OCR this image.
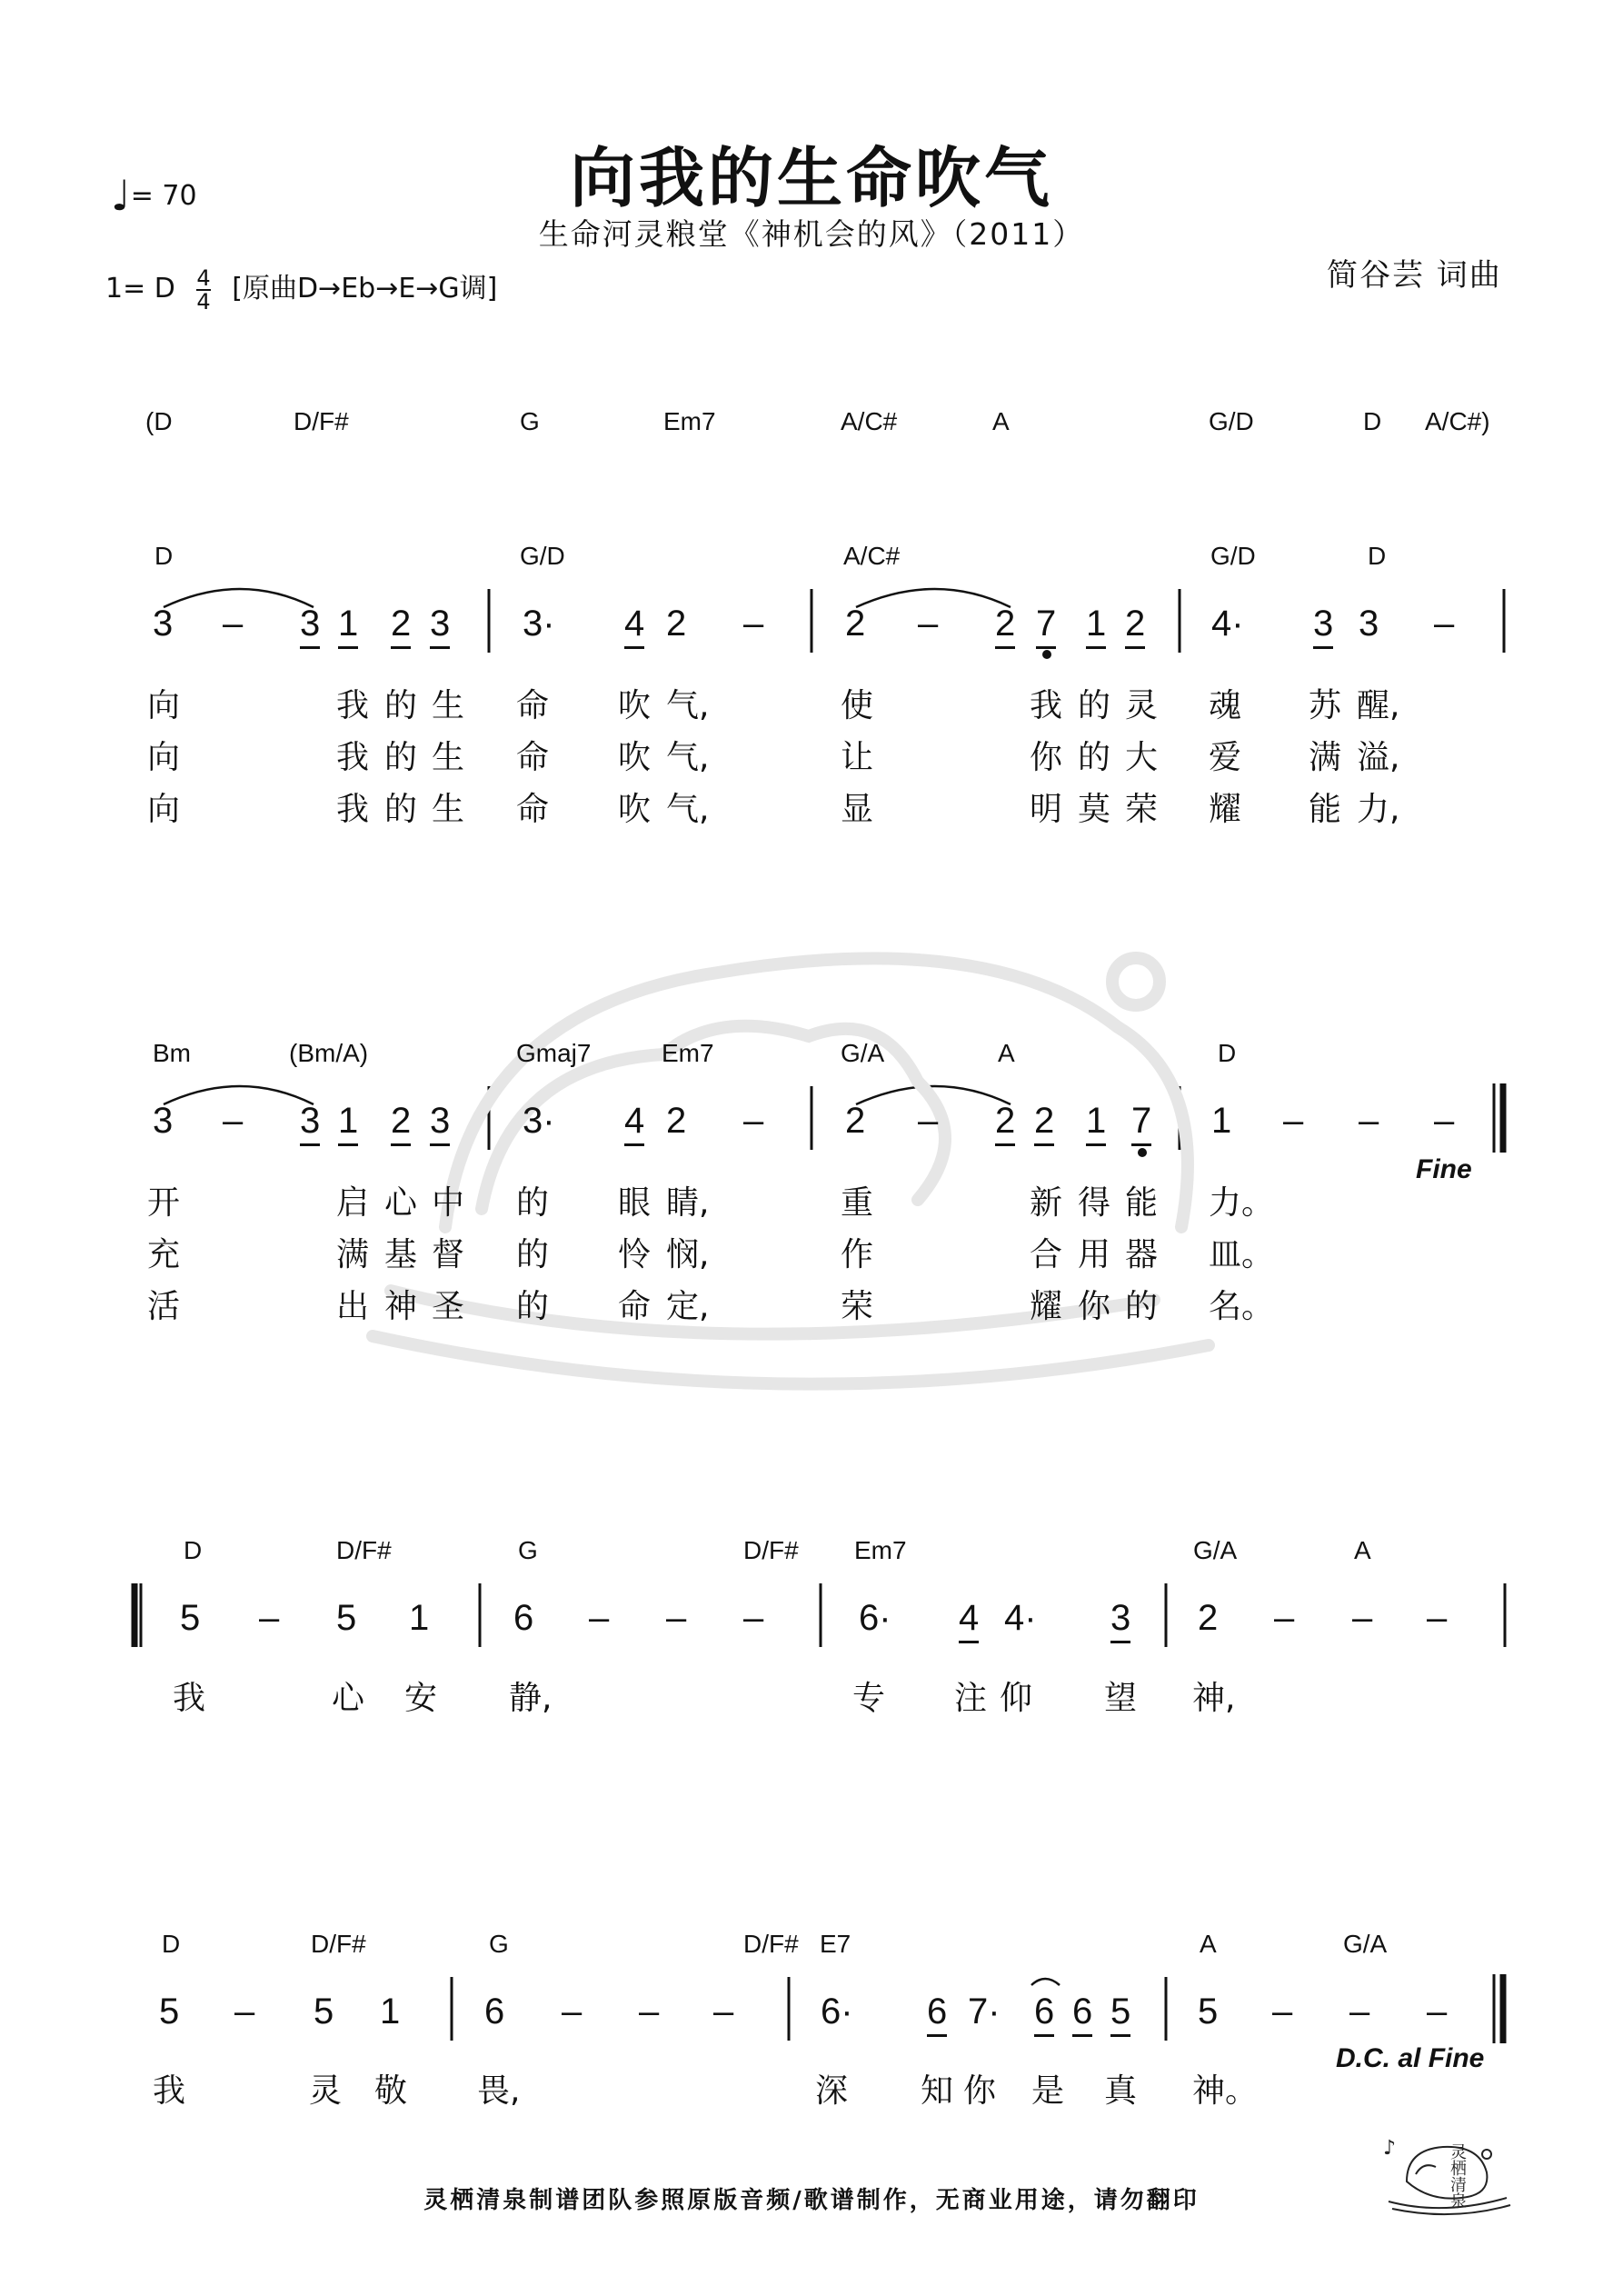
向我的生命吹气
生命河灵粮堂《神机会的风》（2011）
♩= 70
简谷芸 词曲
1= D $\frac{4}{4}$ [原曲D→Eb→E→G调]
(D	D/F#	G	Em7	A/C#	A	G/D	D A/C#)
D	G/D	A/C#	G/D	D
3 – 3 1 2 3 3· 4 2 – 2 – 2 7 1 2 4· 3 3 –
向	我 的 生 命 吹 气,	使	我 的 灵 魂 苏 醒,
向	我 的 生 命 吹 气,	让	你 的 大 爱 满 溢,
向	我 的 生 命 吹 气,	显	明 莫 荣 耀 能 力,
Bm	(Bm/A)	Gmaj7	Em7	G/A	A	D
3 – 3 1 2 3 3· 4 2 – 2 – 2 2 1 7 1 – – –
Fine
开	启 心 中 的 眼 睛,	重	新 得 能 力。
充	满 基 督 的 怜 悯,	作	合 用 器 皿。
活	出 神 圣 的 命 定,	荣	耀 你 的 名。
D	D/F#	G	D/F# Em7	G/A	A
5 – 5 1 6 – – –	6· 4 4· 3 2 – – –
我	心 安 静,	专 注 仰 望 神,
D	D/F#	G	D/F# E7	A	G/A
5 – 5 1 6 – – – 6· 6 7· 6 6 5 5 – – –
D.C. al Fine
我	灵 敬 畏,	深 知 你 是 真 神。
灵栖清泉制谱团队参照原版音频/歌谱制作，无商业用途，请勿翻印
♪	灵栖清泉
